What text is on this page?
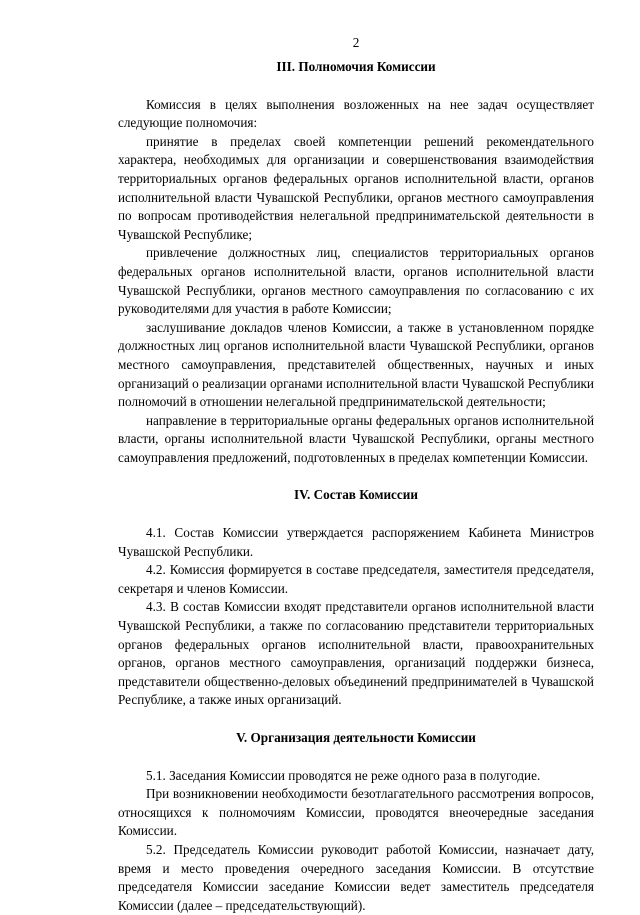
2
III. Полномочия Комиссии

Комиссия в целях выполнения возложенных на нее задач осуществляет следующие полномочия:

принятие в пределах своей компетенции решений рекомендательного характера, необходимых для организации и совершенствования взаимодействия территориальных органов федеральных органов исполнительной власти, органов исполнительной власти Чувашской Республики, органов местного самоуправления по вопросам противодействия нелегальной предпринимательской деятельности в Чувашской Республике;

привлечение должностных лиц, специалистов территориальных органов федеральных органов исполнительной власти, органов исполнительной власти Чувашской Республики, органов местного самоуправления по согласованию с их руководителями для участия в работе Комиссии;

заслушивание докладов членов Комиссии, а также в установленном порядке должностных лиц органов исполнительной власти Чувашской Республики, органов местного самоуправления, представителей общественных, научных и иных организаций о реализации органами исполнительной власти Чувашской Республики полномочий в отношении нелегальной предпринимательской деятельности;

направление в территориальные органы федеральных органов исполнительной власти, органы исполнительной власти Чувашской Республики, органы местного самоуправления предложений, подготовленных в пределах компетенции Комиссии.

IV. Состав Комиссии

4.1. Состав Комиссии утверждается распоряжением Кабинета Министров Чувашской Республики.

4.2. Комиссия формируется в составе председателя, заместителя председателя, секретаря и членов Комиссии.

4.3. В состав Комиссии входят представители органов исполнительной власти Чувашской Республики, а также по согласованию представители территориальных органов федеральных органов исполнительной власти, правоохранительных органов, органов местного самоуправления, организаций поддержки бизнеса, представители общественно-деловых объединений предпринимателей в Чувашской Республике, а также иных организаций.

V. Организация деятельности Комиссии

5.1. Заседания Комиссии проводятся не реже одного раза в полугодие.

При возникновении необходимости безотлагательного рассмотрения вопросов, относящихся к полномочиям Комиссии, проводятся внеочередные заседания Комиссии.

5.2. Председатель Комиссии руководит работой Комиссии, назначает дату, время и место проведения очередного заседания Комиссии. В отсутствие председателя Комиссии заседание Комиссии ведет заместитель председателя Комиссии (далее – председательствующий).
